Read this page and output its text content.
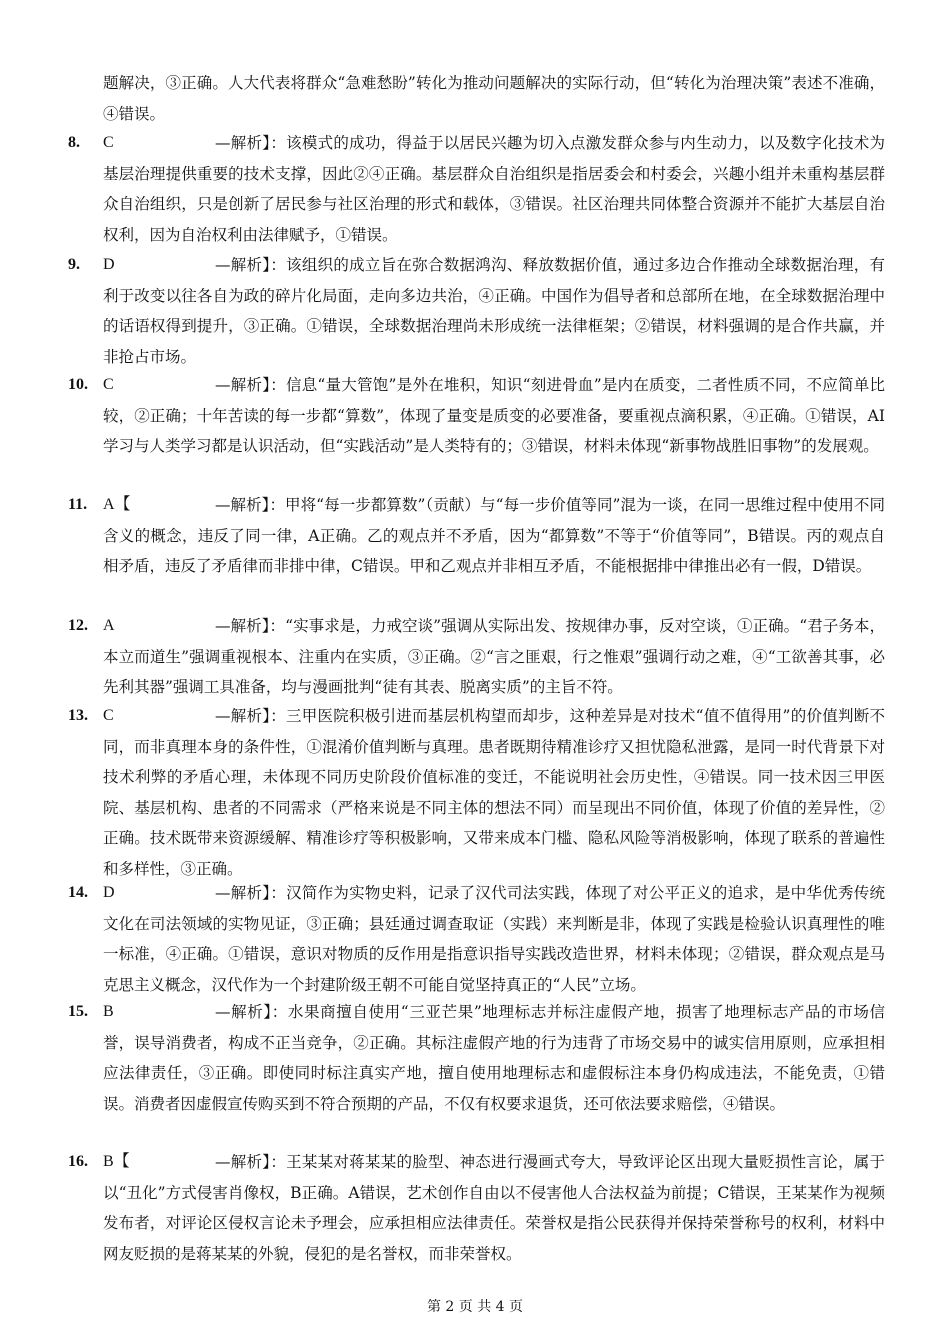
题解决，③正确。人大代表将群众“急难愁盼”转化为推动问题解决的实际行动，但“转化为治理决策”表述不准确，④错误。
8. C	—解析】：该模式的成功，得益于以居民兴趣为切入点激发群众参与内生动力，以及数字化技术为基层治理提供重要的技术支撑，因此②④正确。基层群众自治组织是指居委会和村委会，兴趣小组并未重构基层群众自治组织，只是创新了居民参与社区治理的形式和载体，③错误。社区治理共同体整合资源并不能扩大基层自治权利，因为自治权利由法律赋予，①错误。
9. D	—解析】：该组织的成立旨在弥合数据鸿沟、释放数据价值，通过多边合作推动全球数据治理，有利于改变以往各自为政的碎片化局面，走向多边共治，④正确。中国作为倡导者和总部所在地，在全球数据治理中的话语权得到提升，③正确。①错误，全球数据治理尚未形成统一法律框架；②错误，材料强调的是合作共赢，并非抢占市场。
10. C	—解析】：信息“量大管饱”是外在堆积，知识“刻进骨血”是内在质变，二者性质不同，不应简单比较，②正确；十年苦读的每一步都“算数”，体现了量变是质变的必要准备，要重视点滴积累，④正确。①错误，AI学习与人类学习都是认识活动，但“实践活动”是人类特有的；③错误，材料未体现“新事物战胜旧事物”的发展观。
11. A【	—解析】：甲将“每一步都算数”（贡献）与“每一步价值等同”混为一谈，在同一思维过程中使用不同含义的概念，违反了同一律，A正确。乙的观点并不矛盾，因为“都算数”不等于“价值等同”，B错误。丙的观点自相矛盾，违反了矛盾律而非排中律，C错误。甲和乙观点并非相互矛盾，不能根据排中律推出必有一假，D错误。
12. A	—解析】：“实事求是，力戒空谈”强调从实际出发、按规律办事，反对空谈，①正确。“君子务本，本立而道生”强调重视根本、注重内在实质，③正确。②“言之匪艰，行之惟艰”强调行动之难，④“工欲善其事，必先利其器”强调工具准备，均与漫画批判“徒有其表、脱离实质”的主旨不符。
13. C	—解析】：三甲医院积极引进而基层机构望而却步，这种差异是对技术“值不值得用”的价值判断不同，而非真理本身的条件性，①混淆价值判断与真理。患者既期待精准诊疗又担忧隐私泄露，是同一时代背景下对技术利弊的矛盾心理，未体现不同历史阶段价值标准的变迁，不能说明社会历史性，④错误。同一技术因三甲医院、基层机构、患者的不同需求（严格来说是不同主体的想法不同）而呈现出不同价值，体现了价值的差异性，②正确。技术既带来资源缓解、精准诊疗等积极影响，又带来成本门槛、隐私风险等消极影响，体现了联系的普遍性和多样性，③正确。
14. D	—解析】：汉简作为实物史料，记录了汉代司法实践，体现了对公平正义的追求，是中华优秀传统文化在司法领域的实物见证，③正确；县廷通过调查取证（实践）来判断是非，体现了实践是检验认识真理性的唯一标准，④正确。①错误，意识对物质的反作用是指意识指导实践改造世界，材料未体现；②错误，群众观点是马克思主义概念，汉代作为一个封建阶级王朝不可能自觉坚持真正的“人民”立场。
15. B	—解析】：水果商擅自使用“三亚芒果”地理标志并标注虚假产地，损害了地理标志产品的市场信誉，误导消费者，构成不正当竞争，②正确。其标注虚假产地的行为违背了市场交易中的诚实信用原则，应承担相应法律责任，③正确。即使同时标注真实产地，擅自使用地理标志和虚假标注本身仍构成违法，不能免责，①错误。消费者因虚假宣传购买到不符合预期的产品，不仅有权要求退货，还可依法要求赔偿，④错误。
16. B【	—解析】：王某某对蒋某某的脸型、神态进行漫画式夸大，导致评论区出现大量贬损性言论，属于以“丑化”方式侵害肖像权，B正确。A错误，艺术创作自由以不侵害他人合法权益为前提；C错误，王某某作为视频发布者，对评论区侵权言论未予理会，应承担相应法律责任。荣誉权是指公民获得并保持荣誉称号的权利，材料中网友贬损的是蒋某某的外貌，侵犯的是名誉权，而非荣誉权。
第 2 页 共 4 页
